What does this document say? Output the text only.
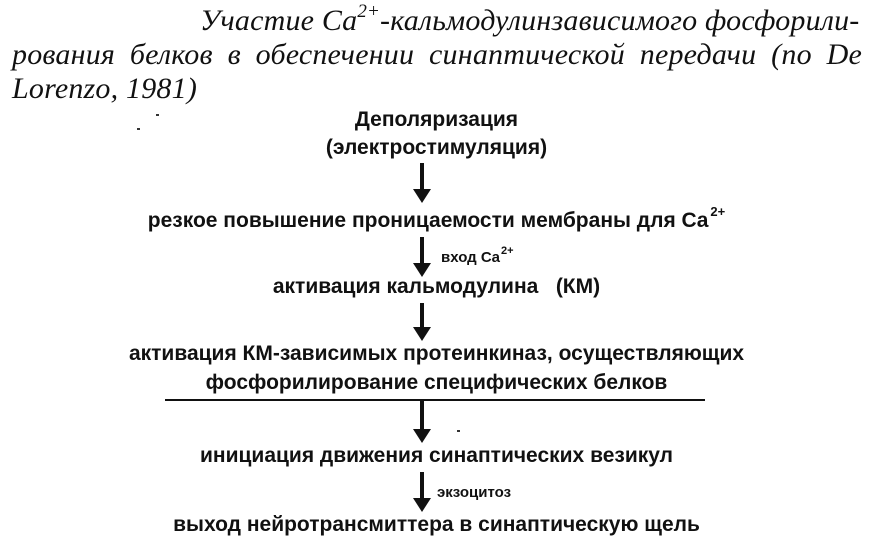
Участие $Ca^{2+}$-кальмодулинзависимого фосфорили-
рования белков в обеспечении синаптической передачи (по De
Lorenzo, 1981)
Деполяризация
(электростимуляция)
резкое повышение проницаемости мембраны для Ca $^{2+}$
вход $Ca^{2+}$
активация кальмодулина   (КМ)
активация КМ-зависимых протеинкиназ, осуществляющих
фосфорилирование специфических белков
инициация движения синаптических везикул
экзоцитоз
выход нейротрансмиттера в синаптическую щель
